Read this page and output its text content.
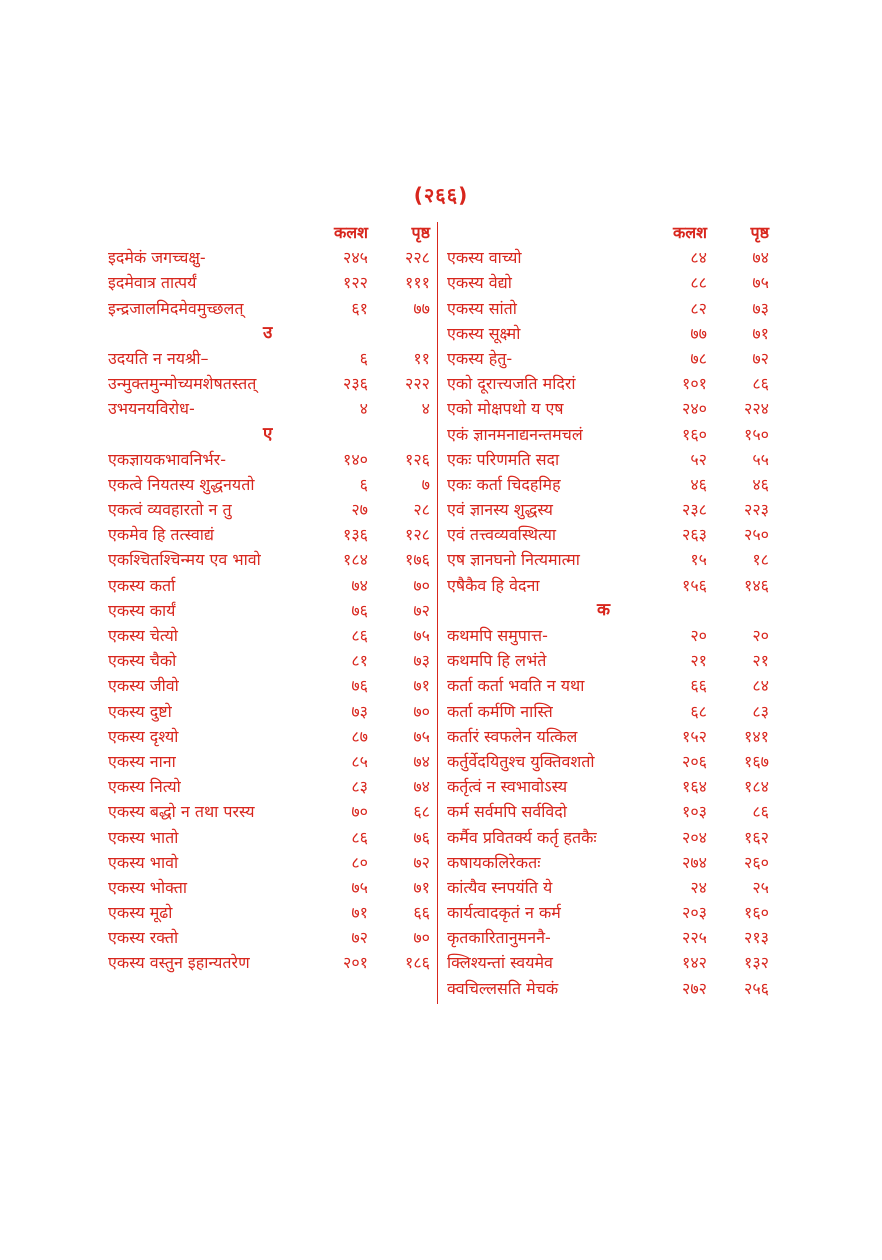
(२६६)
कलश	पृष्ठ
इदमेकं जगच्चक्षु-	२४५	२२८
इदमेवात्र तात्पर्यं	१२२	१११
इन्द्रजालमिदमेवमुच्छलत्	६१	७७
उ
उदयति न नयश्री–	६	११
उन्मुक्तमुन्मोच्यमशेषतस्तत्	२३६	२२२
उभयनयविरोध-	४	४
ए
एकज्ञायकभावनिर्भर-	१४०	१२६
एकत्वे नियतस्य शुद्धनयतो	६	७
एकत्वं व्यवहारतो न तु	२७	२८
एकमेव हि तत्स्वाद्यं	१३६	१२८
एकश्चितश्चिन्मय एव भावो	१८४	१७६
एकस्य कर्ता	७४	७०
एकस्य कार्यं	७६	७२
एकस्य चेत्यो	८६	७५
एकस्य चैको	८१	७३
एकस्य जीवो	७६	७१
एकस्य दुष्टो	७३	७०
एकस्य दृश्यो	८७	७५
एकस्य नाना	८५	७४
एकस्य नित्यो	८३	७४
एकस्य बद्धो न तथा परस्य	७०	६८
एकस्य भातो	८६	७६
एकस्य भावो	८०	७२
एकस्य भोक्ता	७५	७१
एकस्य मूढो	७१	६६
एकस्य रक्तो	७२	७०
एकस्य वस्तुन इहान्यतरेण	२०१	१८६
कलश	पृष्ठ
एकस्य वाच्यो	८४	७४
एकस्य वेद्यो	८८	७५
एकस्य सांतो	८२	७३
एकस्य सूक्ष्मो	७७	७१
एकस्य हेतु-	७८	७२
एको दूरात्त्यजति मदिरां	१०१	८६
एको मोक्षपथो य एष	२४०	२२४
एकं ज्ञानमनाद्यनन्तमचलं	१६०	१५०
एकः परिणमति सदा	५२	५५
एकः कर्ता चिदहमिह	४६	४६
एवं ज्ञानस्य शुद्धस्य	२३८	२२३
एवं तत्त्वव्यवस्थित्या	२६३	२५०
एष ज्ञानघनो नित्यमात्मा	१५	१८
एषैकैव हि वेदना	१५६	१४६
क
कथमपि समुपात्त-	२०	२०
कथमपि हि लभंते	२१	२१
कर्ता कर्ता भवति न यथा	६६	८४
कर्ता कर्मणि नास्ति	६८	८३
कर्तारं स्वफलेन यत्किल	१५२	१४१
कर्तुर्वेदयितुश्च युक्तिवशतो	२०६	१६७
कर्तृत्वं न स्वभावोऽस्य	१६४	१८४
कर्म सर्वमपि सर्वविदो	१०३	८६
कर्मैव प्रवितर्क्य कर्तृ हतकैः	२०४	१६२
कषायकलिरेकतः	२७४	२६०
कांत्यैव स्नपयंति ये	२४	२५
कार्यत्वादकृतं न कर्म	२०३	१६०
कृतकारितानुमननै-	२२५	२१३
क्लिश्यन्तां स्वयमेव	१४२	१३२
क्वचिल्लसति मेचकं	२७२	२५६
